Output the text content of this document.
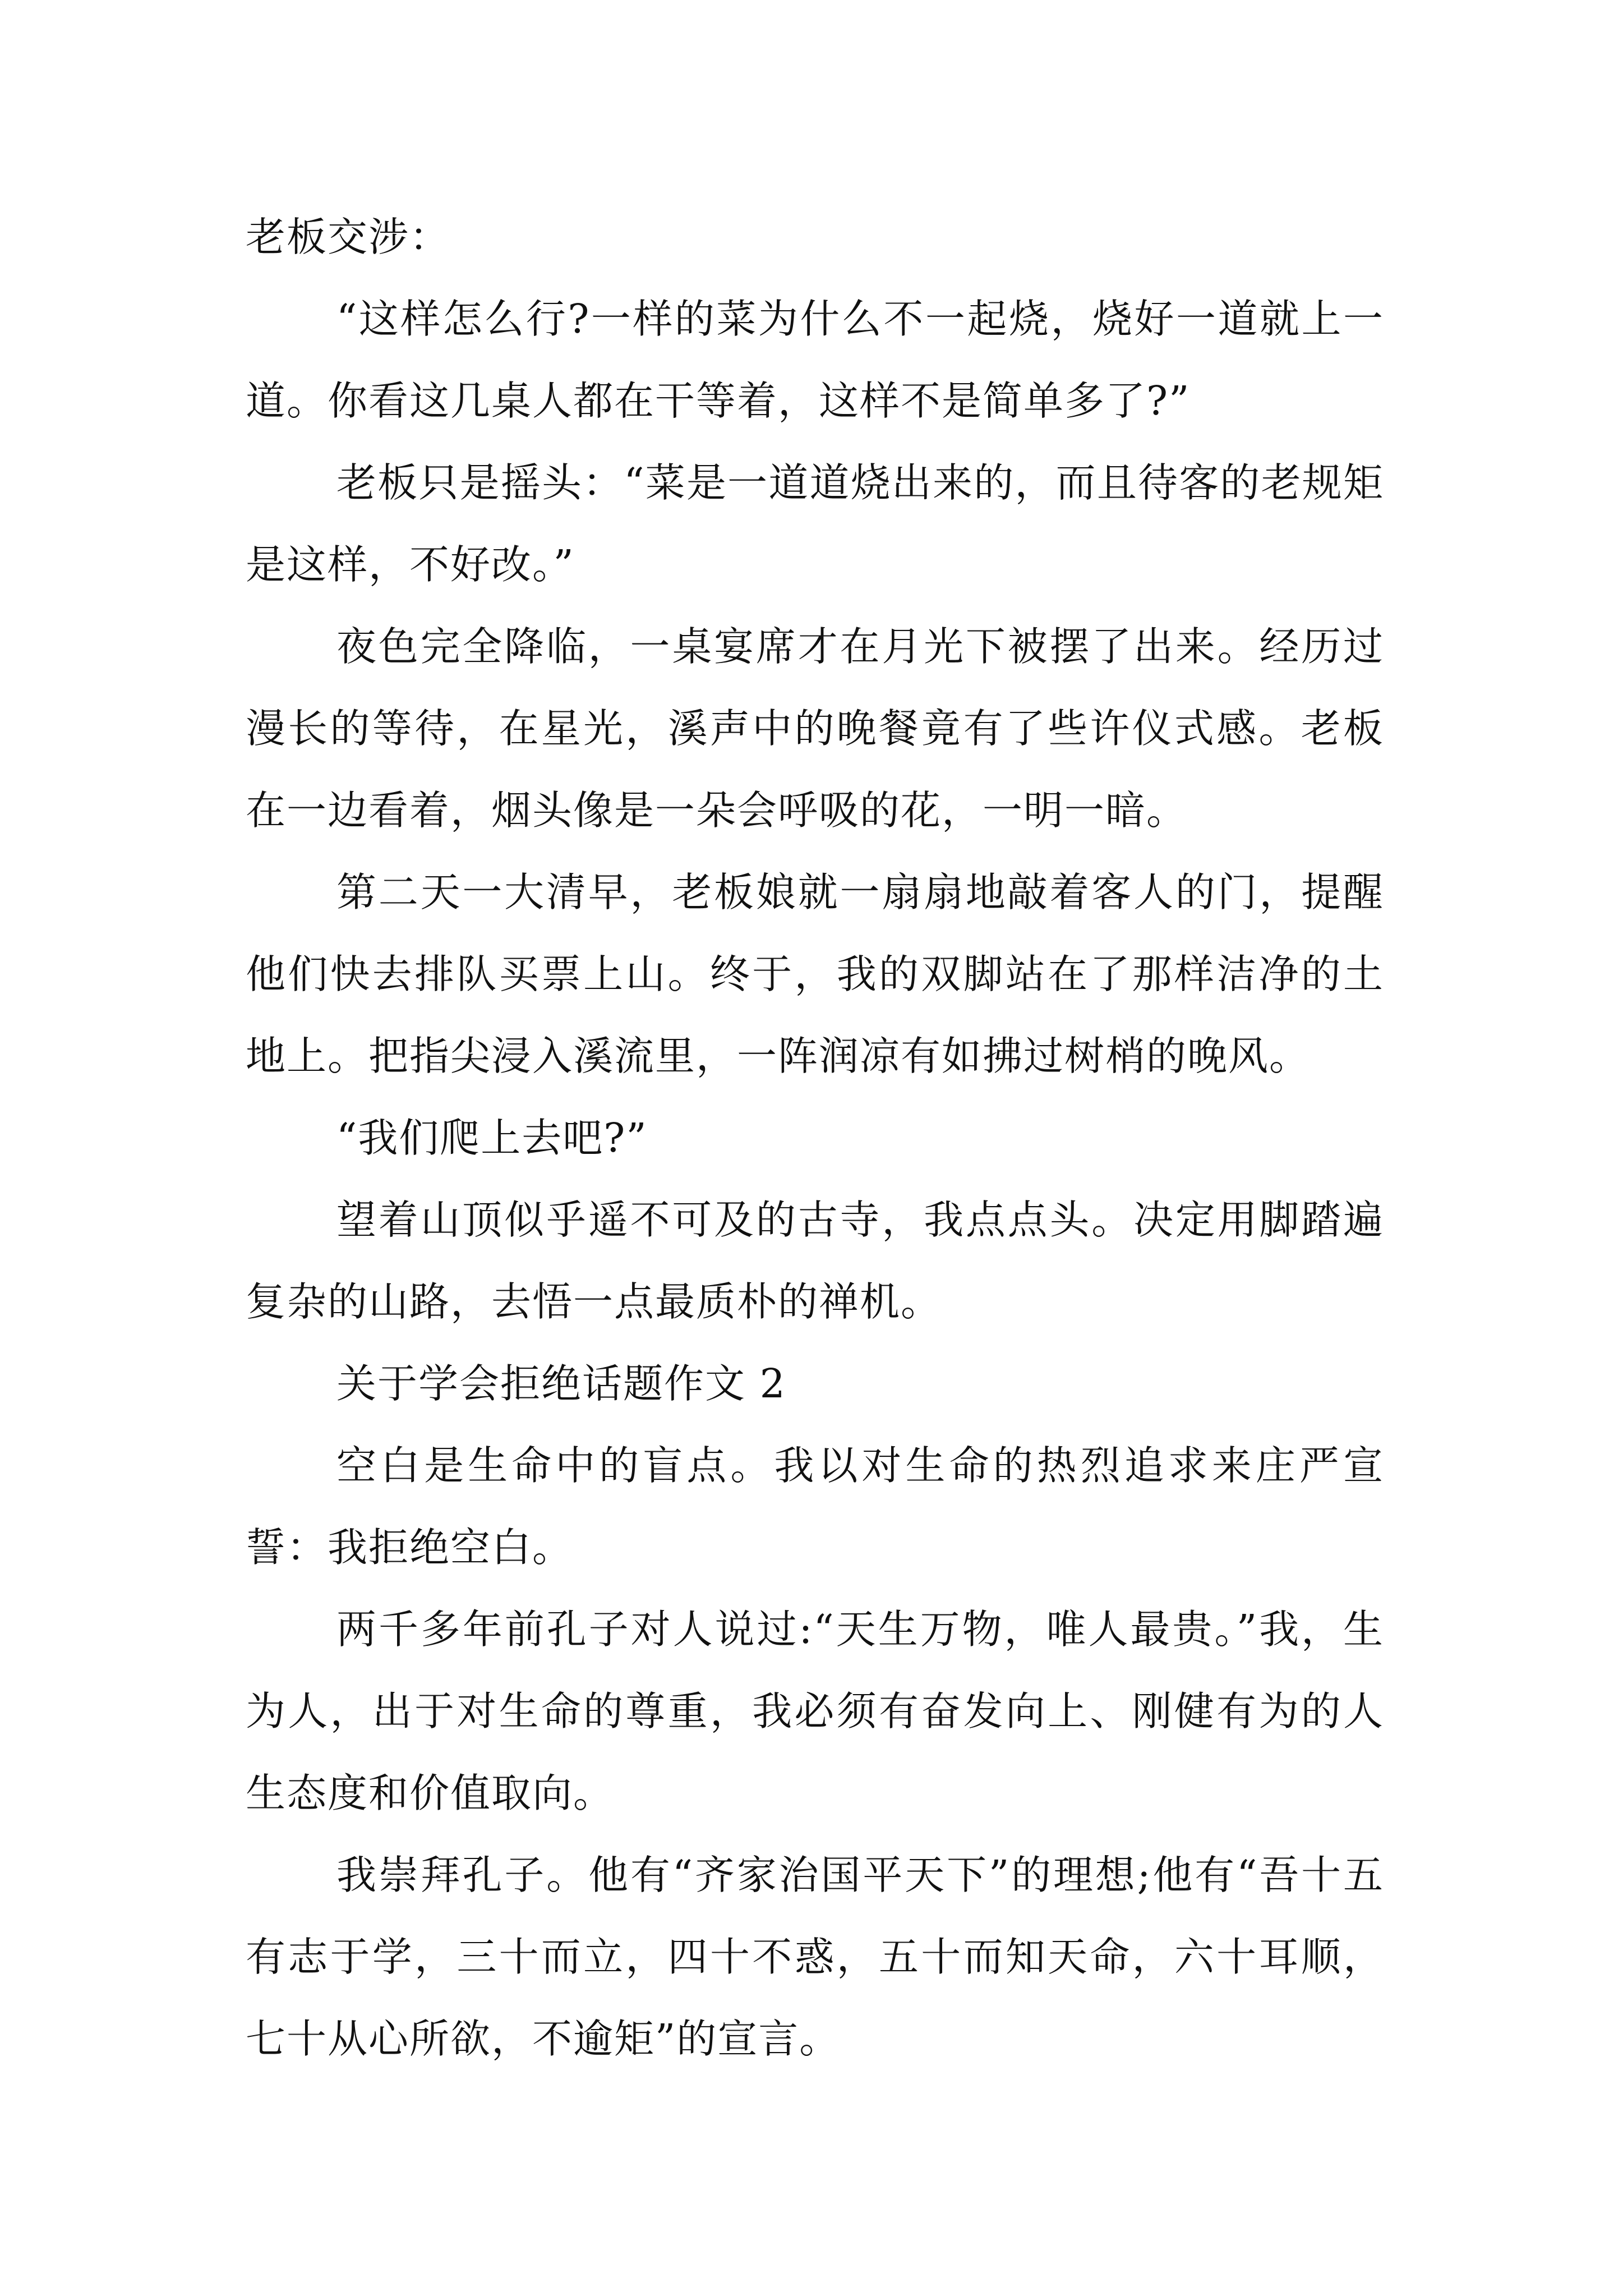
老板交涉：

“这样怎么行?一样的菜为什么不一起烧，烧好一道就上一道。你看这几桌人都在干等着，这样不是简单多了?”

老板只是摇头：“菜是一道道烧出来的，而且待客的老规矩是这样，不好改。”

夜色完全降临，一桌宴席才在月光下被摆了出来。经历过漫长的等待，在星光，溪声中的晚餐竟有了些许仪式感。老板在一边看着，烟头像是一朵会呼吸的花，一明一暗。

第二天一大清早，老板娘就一扇扇地敲着客人的门，提醒他们快去排队买票上山。终于，我的双脚站在了那样洁净的土地上。把指尖浸入溪流里，一阵润凉有如拂过树梢的晚风。

“我们爬上去吧?”

望着山顶似乎遥不可及的古寺，我点点头。决定用脚踏遍复杂的山路，去悟一点最质朴的禅机。

关于学会拒绝话题作文 2

空白是生命中的盲点。我以对生命的热烈追求来庄严宣誓：我拒绝空白。

两千多年前孔子对人说过:“天生万物，唯人最贵。”我，生为人，出于对生命的尊重，我必须有奋发向上、刚健有为的人生态度和价值取向。

我崇拜孔子。他有“齐家治国平天下”的理想;他有“吾十五有志于学，三十而立，四十不惑，五十而知天命，六十耳顺，七十从心所欲，不逾矩”的宣言。
